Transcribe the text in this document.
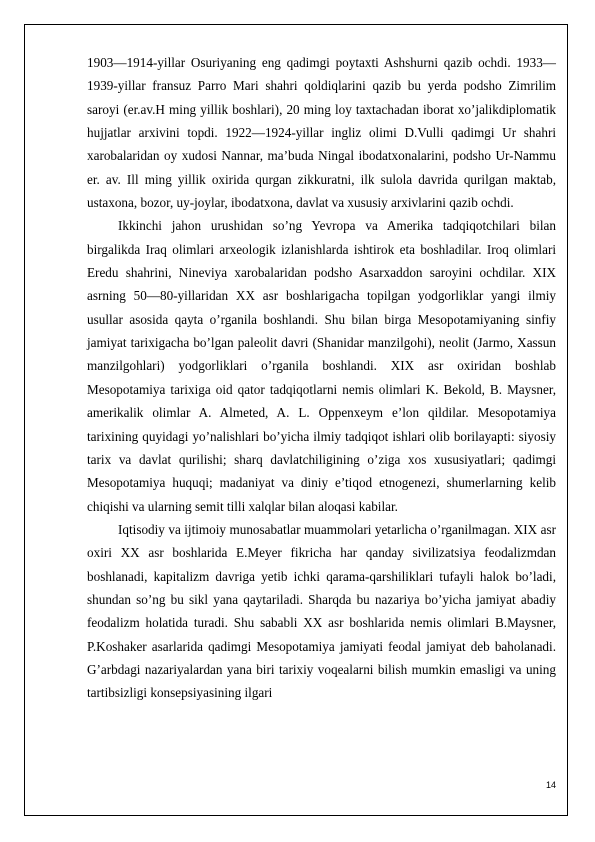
1903—1914-yillar Osuriyaning eng qadimgi poytaxti Ashshurni qazib ochdi. 1933—1939-yillar fransuz Parro Mari shahri qoldiqlarini qazib bu yerda podsho Zimrilim saroyi (er.av.H ming yillik boshlari), 20 ming loy taxtachadan iborat xo’jalikdiplomatik hujjatlar arxivini topdi. 1922—1924-yillar ingliz olimi D.Vulli qadimgi Ur shahri xarobalaridan oy xudosi Nannar, ma’buda Ningal ibodatxonalarini, podsho Ur-Nammu er. av. Ill ming yillik oxirida qurgan zikkuratni, ilk sulola davrida qurilgan maktab, ustaxona, bozor, uy-joylar, ibodatxona, davlat va xususiy arxivlarini qazib ochdi.

Ikkinchi jahon urushidan so’ng Yevropa va Amerika tadqiqotchilari bilan birgalikda Iraq olimlari arxeologik izlanishlarda ishtirok eta boshladilar. Iroq olimlari Eredu shahrini, Nineviya xarobalaridan podsho Asarxaddon saroyini ochdilar. XIX asrning 50—80-yillaridan XX asr boshlarigacha topilgan yodgorliklar yangi ilmiy usullar asosida qayta o’rganila boshlandi. Shu bilan birga Mesopotamiyaning sinfiy jamiyat tarixigacha bo’lgan paleolit davri (Shanidar manzilgohi), neolit (Jarmo, Xassun manzilgohlari) yodgorliklari o’rganila boshlandi. XIX asr oxiridan boshlab Mesopotamiya tarixiga oid qator tadqiqotlarni nemis olimlari K. Bekold, B. Maysner, amerikalik olimlar A. Almeted, A. L. Oppenxeym e’lon qildilar. Mesopotamiya tarixining quyidagi yo’nalishlari bo’yicha ilmiy tadqiqot ishlari olib borilayapti: siyosiy tarix va davlat qurilishi; sharq davlatchiligining o’ziga xos xususiyatlari; qadimgi Mesopotamiya huquqi; madaniyat va diniy e’tiqod etnogenezi, shumerlarning kelib chiqishi va ularning semit tilli xalqlar bilan aloqasi kabilar.

Iqtisodiy va ijtimoiy munosabatlar muammolari yetarlicha o’rganilmagan. XIX asr oxiri XX asr boshlarida E.Meyer fikricha har qanday sivilizatsiya feodalizmdan boshlanadi, kapitalizm davriga yetib ichki qarama-qarshiliklari tufayli halok bo’ladi, shundan so’ng bu sikl yana qaytariladi. Sharqda bu nazariya bo’yicha jamiyat abadiy feodalizm holatida turadi. Shu sababli XX asr boshlarida nemis olimlari B.Maysner, P.Koshaker asarlarida qadimgi Mesopotamiya jamiyati feodal jamiyat deb baholanadi. G’arbdagi nazariyalardan yana biri tarixiy voqealarni bilish mumkin emasligi va uning tartibsizligi konsepsiyasining ilgari

14
